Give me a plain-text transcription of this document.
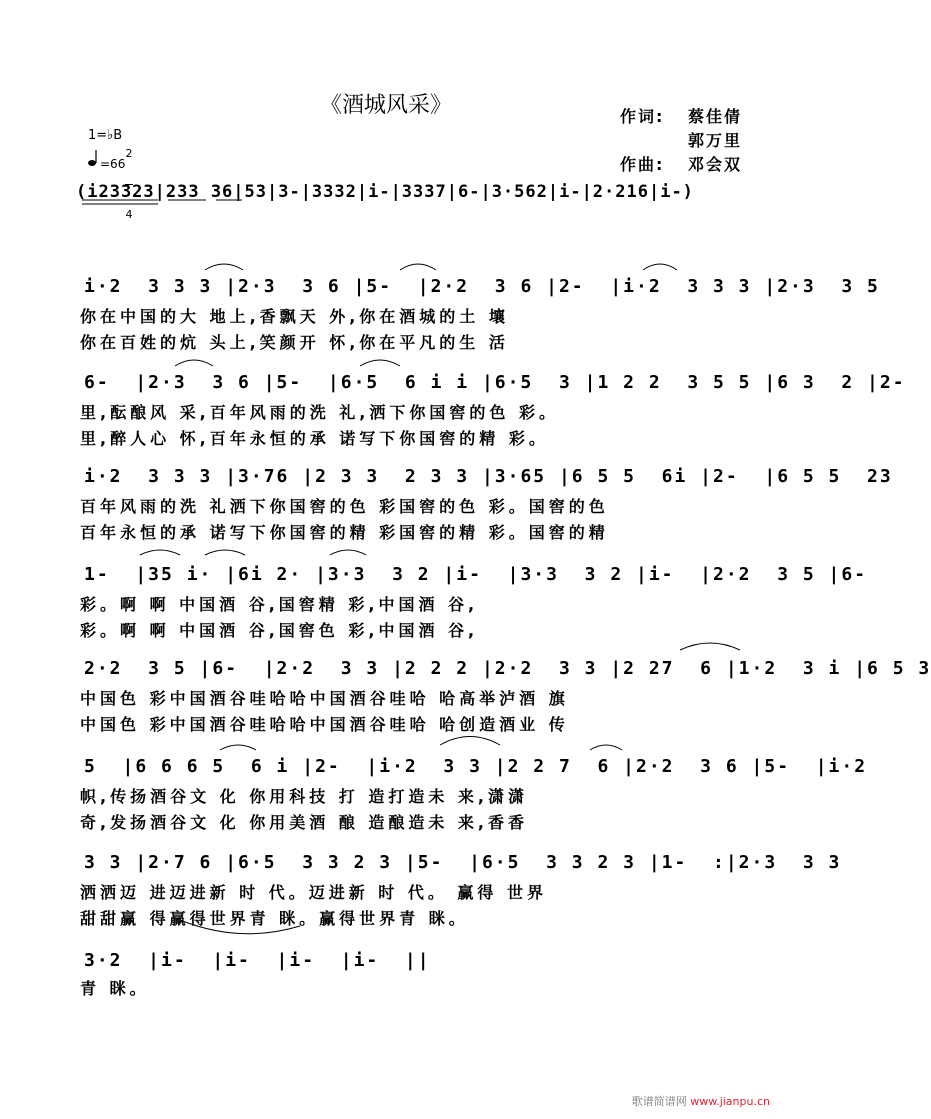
《酒城风采》	作词: 蔡佳倩
郭万里
作曲: 邓会双
1=♭B

2

4

=66
(i23323|233 36|53|3-|3332|i-|3337|6-|3·562|i-|2·216|i-)
i·2  3 3 3 |2·3  3 6 |5-  |2·2  3 6 |2-  |i·2  3 3 3 |2·3  3 5
你在中国的大 地上,香飘天 外,你在酒城的土 壤
你在百姓的炕 头上,笑颜开 怀,你在平凡的生 活
6-  |2·3  3 6 |5-  |6·5  6 i i |6·5  3 |1 2 2  3 5 5 |6 3  2 |2-
里,酝酿风 采,百年风雨的洗 礼,洒下你国窖的色 彩。
里,醉人心 怀,百年永恒的承 诺写下你国窖的精 彩。
i·2  3 3 3 |3·76 |2 3 3  2 3 3 |3·65 |6 5 5  6i |2-  |6 5 5  23
百年风雨的洗 礼洒下你国窖的色 彩国窖的色 彩。国窖的色
百年永恒的承 诺写下你国窖的精 彩国窖的精 彩。国窖的精
1-  |35 i· |6i 2· |3·3  3 2 |i-  |3·3  3 2 |i-  |2·2  3 5 |6-
彩。啊 啊 中国酒 谷,国窖精 彩,中国酒 谷,
彩。啊 啊 中国酒 谷,国窖色 彩,中国酒 谷,
2·2  3 5 |6-  |2·2  3 3 |2 2 2 |2·2  3 3 |2 27  6 |1·2  3 i |6 5 3
中国色 彩中国酒谷哇哈哈中国酒谷哇哈 哈高举泸酒 旗
中国色 彩中国酒谷哇哈哈中国酒谷哇哈 哈创造酒业 传
5  |6 6 6 5  6 i |2-  |i·2  3 3 |2 2 7  6 |2·2  3 6 |5-  |i·2
帜,传扬酒谷文 化 你用科技 打 造打造未 来,潇潇
奇,发扬酒谷文 化 你用美酒 酿 造酿造未 来,香香
3 3 |2·7 6 |6·5  3 3 2 3 |5-  |6·5  3 3 2 3 |1-  :|2·3  3 3
洒洒迈 进迈进新 时 代。迈进新 时 代。 赢得 世界
甜甜赢 得赢得世界青 眯。赢得世界青 眯。
3·2  |i-  |i-  |i-  |i-  ||
青 眯。
歌谱简谱网 www.jianpu.cn
